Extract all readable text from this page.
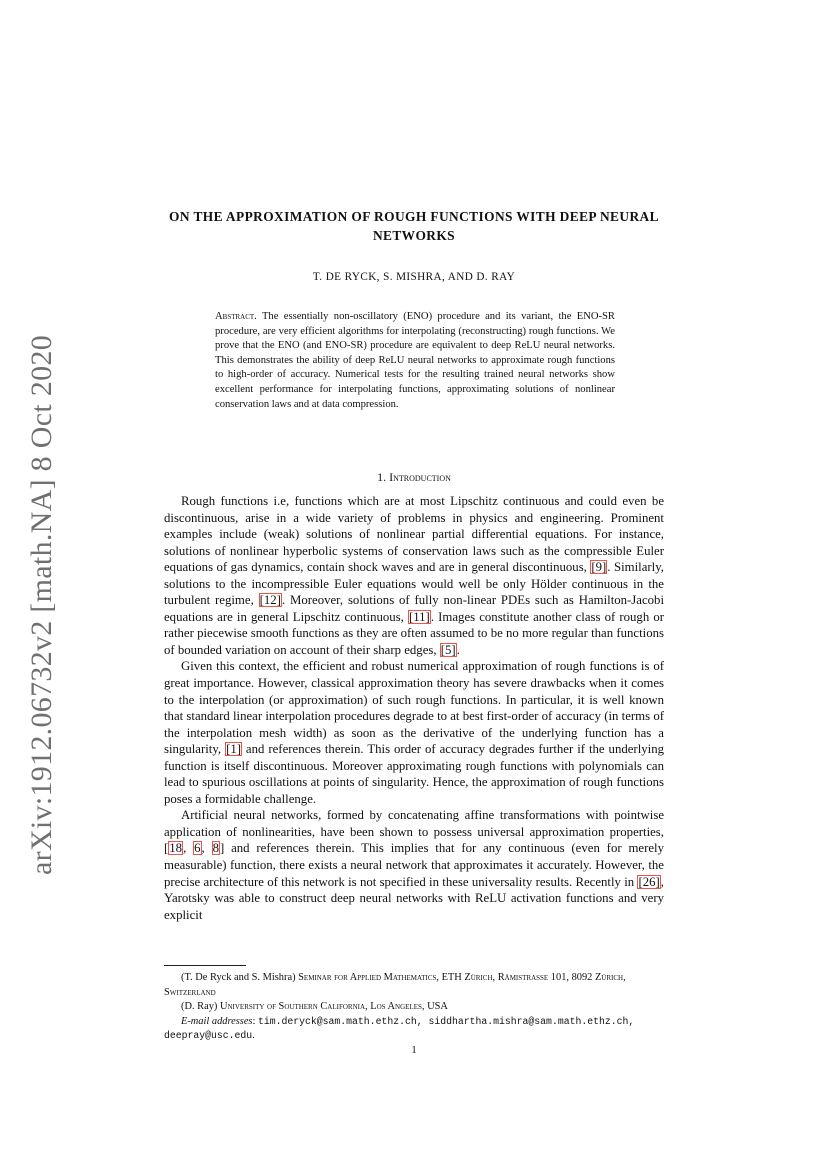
arXiv:1912.06732v2 [math.NA] 8 Oct 2020
ON THE APPROXIMATION OF ROUGH FUNCTIONS WITH DEEP NEURAL NETWORKS
T. DE RYCK, S. MISHRA, AND D. RAY
Abstract. The essentially non-oscillatory (ENO) procedure and its variant, the ENO-SR procedure, are very efficient algorithms for interpolating (reconstructing) rough functions. We prove that the ENO (and ENO-SR) procedure are equivalent to deep ReLU neural networks. This demonstrates the ability of deep ReLU neural networks to approximate rough functions to high-order of accuracy. Numerical tests for the resulting trained neural networks show excellent performance for interpolating functions, approximating solutions of nonlinear conservation laws and at data compression.
1. Introduction

Rough functions i.e, functions which are at most Lipschitz continuous and could even be discontinuous, arise in a wide variety of problems in physics and engineering. Prominent examples include (weak) solutions of nonlinear partial differential equations. For instance, solutions of nonlinear hyperbolic systems of conservation laws such as the compressible Euler equations of gas dynamics, contain shock waves and are in general discontinuous, [9]. Similarly, solutions to the incompressible Euler equations would well be only Hölder continuous in the turbulent regime, [12]. Moreover, solutions of fully non-linear PDEs such as Hamilton-Jacobi equations are in general Lipschitz continuous, [11]. Images constitute another class of rough or rather piecewise smooth functions as they are often assumed to be no more regular than functions of bounded variation on account of their sharp edges, [5].

Given this context, the efficient and robust numerical approximation of rough functions is of great importance. However, classical approximation theory has severe drawbacks when it comes to the interpolation (or approximation) of such rough functions. In particular, it is well known that standard linear interpolation procedures degrade to at best first-order of accuracy (in terms of the interpolation mesh width) as soon as the derivative of the underlying function has a singularity, [1] and references therein. This order of accuracy degrades further if the underlying function is itself discontinuous. Moreover approximating rough functions with polynomials can lead to spurious oscillations at points of singularity. Hence, the approximation of rough functions poses a formidable challenge.

Artificial neural networks, formed by concatenating affine transformations with pointwise application of nonlinearities, have been shown to possess universal approximation properties, [18, 6, 8] and references therein. This implies that for any continuous (even for merely measurable) function, there exists a neural network that approximates it accurately. However, the precise architecture of this network is not specified in these universality results. Recently in [26], Yarotsky was able to construct deep neural networks with ReLU activation functions and very explicit

(T. De Ryck and S. Mishra) Seminar for Applied Mathematics, ETH Zürich, Rämistrasse 101, 8092 Zürich, Switzerland

(D. Ray) University of Southern California, Los Angeles, USA

E-mail addresses: tim.deryck@sam.math.ethz.ch, siddhartha.mishra@sam.math.ethz.ch, deepray@usc.edu.

1
